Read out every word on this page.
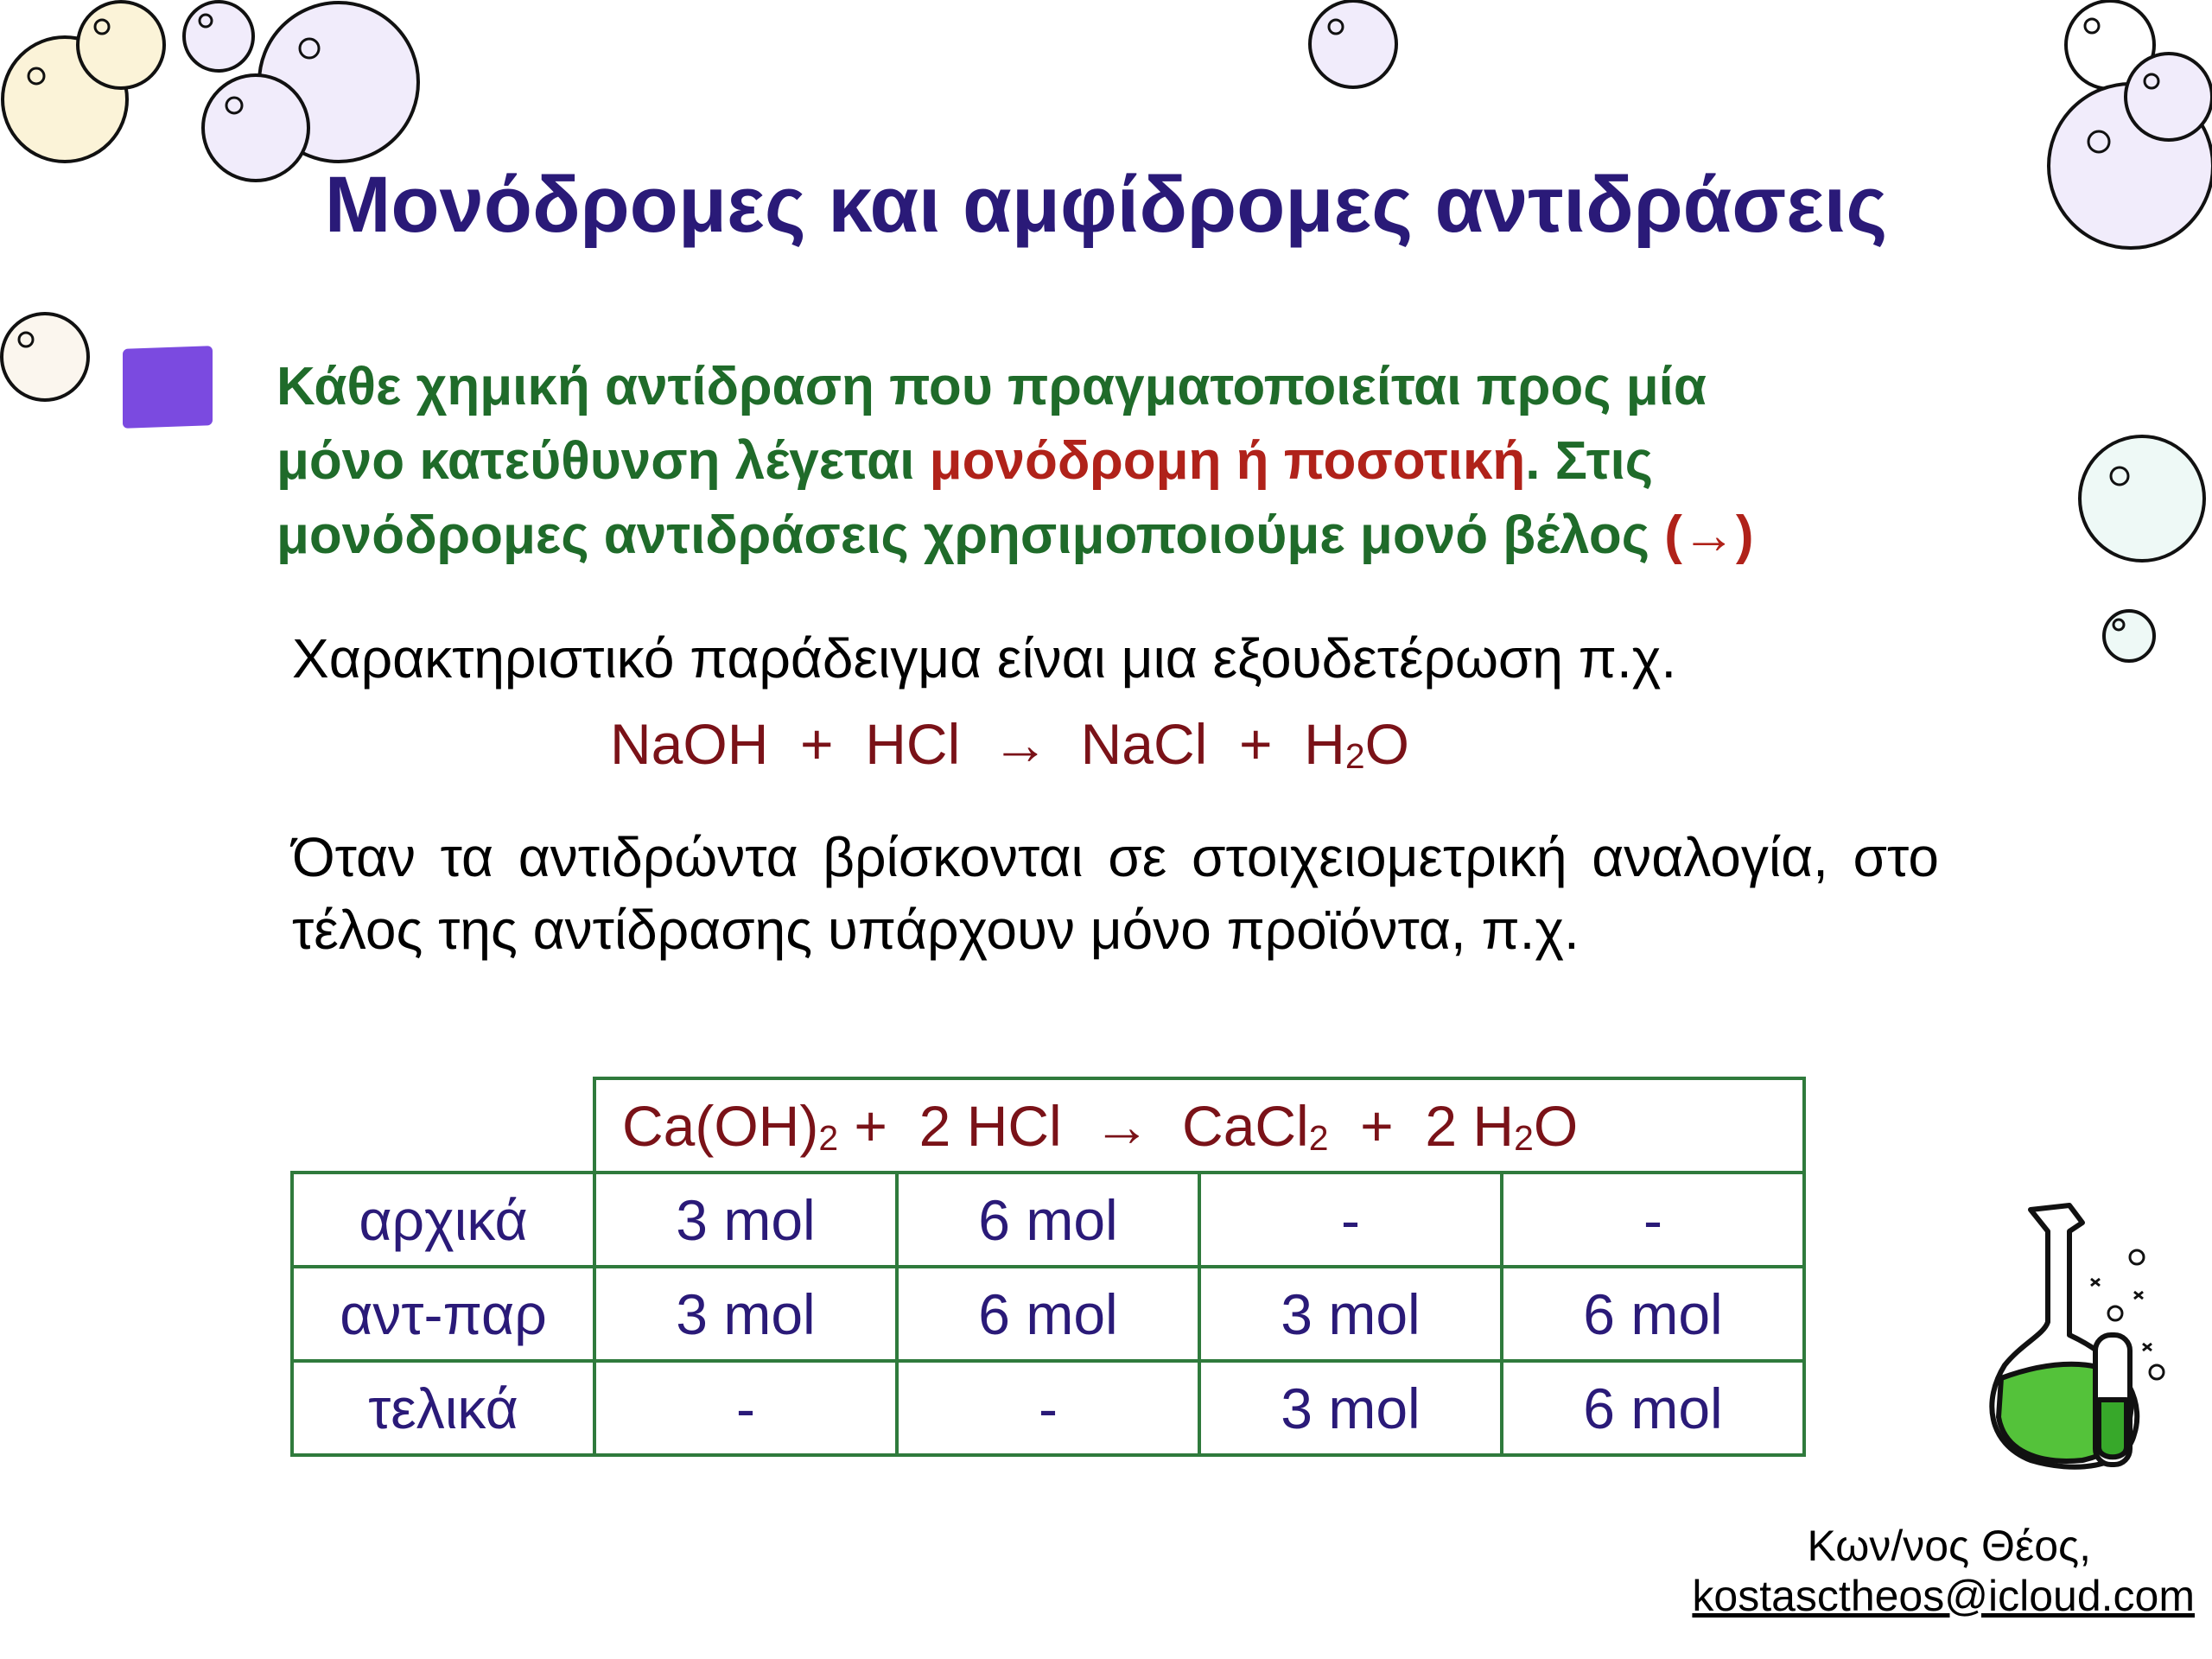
Μονόδρομες και αμφίδρομες αντιδράσεις
Κάθε χημική αντίδραση που πραγματοποιείται προς μία
μόνο κατεύθυνση λέγεται μονόδρομη ή ποσοτική. Στις
μονόδρομες αντιδράσεις χρησιμοποιούμε μονό βέλος (→)
Χαρακτηριστικό παράδειγμα είναι μια εξουδετέρωση π.χ.
NaOH  +  HCl  →  NaCl  +  $H_2O$
Όταν τα αντιδρώντα βρίσκονται σε στοιχειομετρική αναλογία, στο τέλος της αντίδρασης υπάρχουν μόνο προϊόντα, π.χ.
	$Ca(OH)_2 + 2$ HCl  →  CaCl$_2$  +  2 $H_2O$			
αρχικά	3 mol	6 mol	-	-
αντ-παρ	3 mol	6 mol	3 mol	6 mol
τελικά	-	-	3 mol	6 mol
Κων/νος Θέος,
kostasctheos@icloud.com
